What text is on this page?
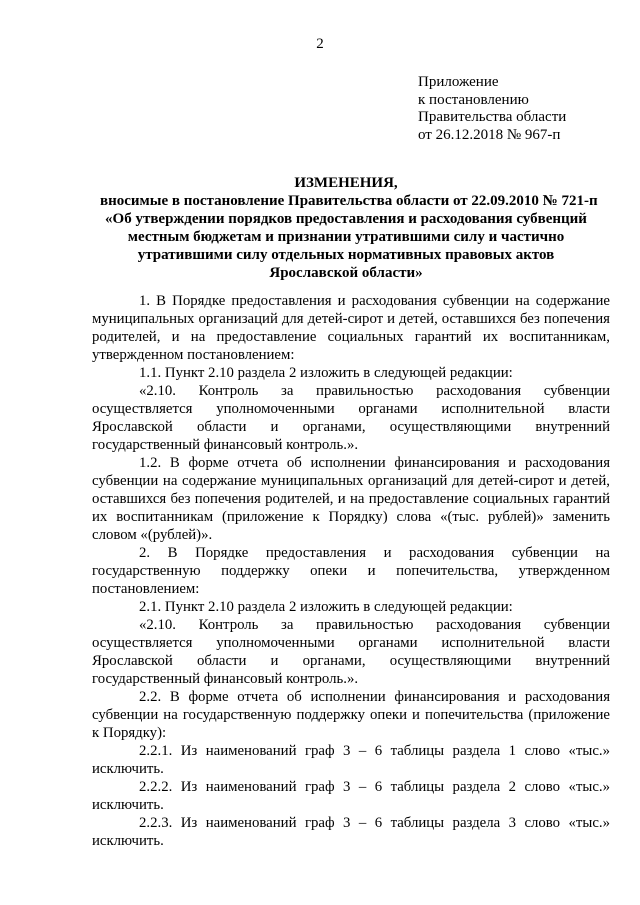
2
Приложение
к постановлению
Правительства области
от 26.12.2018 № 967-п
ИЗМЕНЕНИЯ,
вносимые в постановление Правительства области от 22.09.2010 № 721-п
«Об утверждении порядков предоставления и расходования субвенций
местным бюджетам и признании утратившими силу и частично
утратившими силу отдельных нормативных правовых актов
Ярославской области»

1. В Порядке предоставления и расходования субвенции на содержание муниципальных организаций для детей-сирот и детей, оставшихся без попечения родителей, и на предоставление социальных гарантий их воспитанникам, утвержденном постановлением:

1.1. Пункт 2.10 раздела 2 изложить в следующей редакции:

«2.10. Контроль за правильностью расходования субвенции осуществляется уполномоченными органами исполнительной власти Ярославской области и органами, осуществляющими внутренний государственный финансовый контроль.».

1.2. В форме отчета об исполнении финансирования и расходования субвенции на содержание муниципальных организаций для детей-сирот и детей, оставшихся без попечения родителей, и на предоставление социальных гарантий их воспитанникам (приложение к Порядку) слова «(тыс. рублей)» заменить словом «(рублей)».

2. В Порядке предоставления и расходования субвенции на государственную поддержку опеки и попечительства, утвержденном постановлением:

2.1. Пункт 2.10 раздела 2 изложить в следующей редакции:

«2.10. Контроль за правильностью расходования субвенции осуществляется уполномоченными органами исполнительной власти Ярославской области и органами, осуществляющими внутренний государственный финансовый контроль.».

2.2. В форме отчета об исполнении финансирования и расходования субвенции на государственную поддержку опеки и попечительства (приложение к Порядку):

2.2.1. Из наименований граф 3 – 6 таблицы раздела 1 слово «тыс.» исключить.

2.2.2. Из наименований граф 3 – 6 таблицы раздела 2 слово «тыс.» исключить.

2.2.3. Из наименований граф 3 – 6 таблицы раздела 3 слово «тыс.» исключить.
